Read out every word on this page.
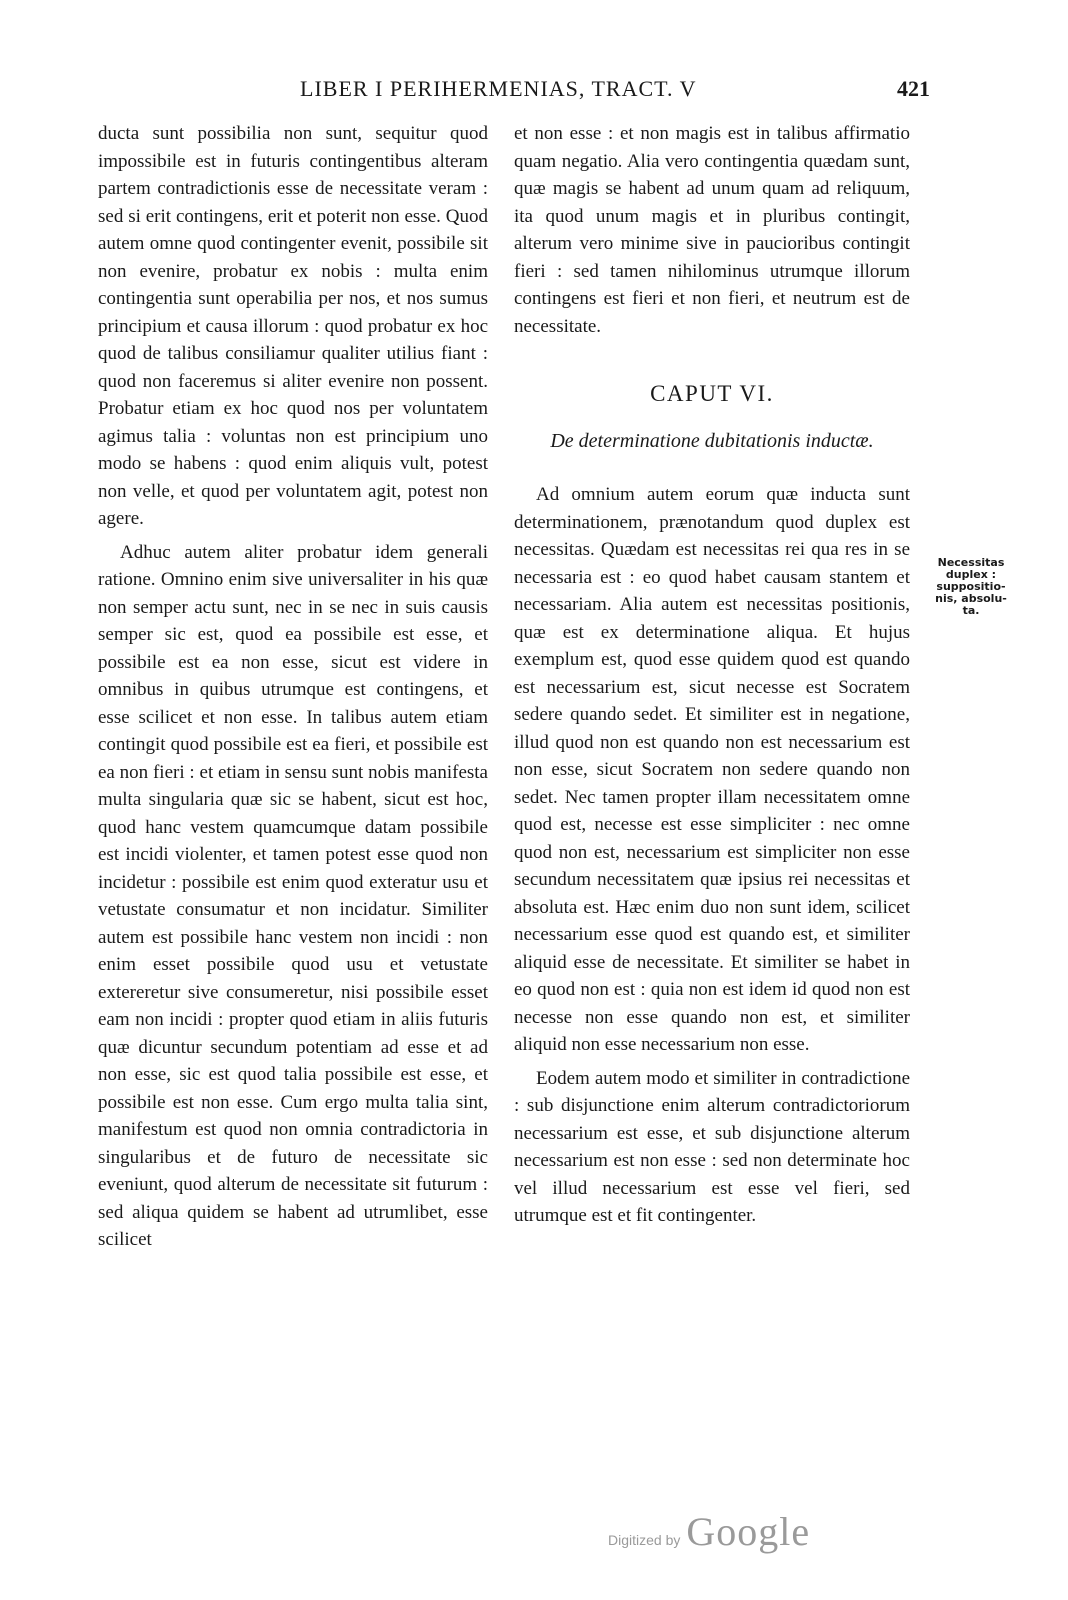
LIBER I PERIHERMENIAS, TRACT. V	421

ducta sunt possibilia non sunt, sequitur quod impossibile est in futuris contingentibus alteram partem contradictionis esse de necessitate veram : sed si erit contingens, erit et poterit non esse. Quod autem omne quod contingenter evenit, possibile sit non evenire, probatur ex nobis : multa enim contingentia sunt operabilia per nos, et nos sumus principium et causa illorum : quod probatur ex hoc quod de talibus consiliamur qualiter utilius fiant : quod non faceremus si aliter evenire non possent. Probatur etiam ex hoc quod nos per voluntatem agimus talia : voluntas non est principium uno modo se habens : quod enim aliquis vult, potest non velle, et quod per voluntatem agit, potest non agere.

Adhuc autem aliter probatur idem generali ratione. Omnino enim sive universaliter in his quæ non semper actu sunt, nec in se nec in suis causis semper sic est, quod ea possibile est esse, et possibile est ea non esse, sicut est videre in omnibus in quibus utrumque est contingens, et esse scilicet et non esse. In talibus autem etiam contingit quod possibile est ea fieri, et possibile est ea non fieri : et etiam in sensu sunt nobis manifesta multa singularia quæ sic se habent, sicut est hoc, quod hanc vestem quamcumque datam possibile est incidi violenter, et tamen potest esse quod non incidetur : possibile est enim quod exteratur usu et vetustate consumatur et non incidatur. Similiter autem est possibile hanc vestem non incidi : non enim esset possibile quod usu et vetustate extereretur sive consumeretur, nisi possibile esset eam non incidi : propter quod etiam in aliis futuris quæ dicuntur secundum potentiam ad esse et ad non esse, sic est quod talia possibile est esse, et possibile est non esse. Cum ergo multa talia sint, manifestum est quod non omnia contradictoria in singularibus et de futuro de necessitate sic eveniunt, quod alterum de necessitate sit futurum : sed aliqua quidem se habent ad utrumlibet, esse scilicet

et non esse : et non magis est in talibus affirmatio quam negatio. Alia vero contingentia quædam sunt, quæ magis se habent ad unum quam ad reliquum, ita quod unum magis et in pluribus contingit, alterum vero minime sive in paucioribus contingit fieri : sed tamen nihilominus utrumque illorum contingens est fieri et non fieri, et neutrum est de necessitate.

CAPUT VI.
De determinatione dubitationis inductæ.

Ad omnium autem eorum quæ inducta sunt determinationem, prænotandum quod duplex est necessitas. Quædam est necessitas rei qua res in se necessaria est : eo quod habet causam stantem et necessariam. Alia autem est necessitas positionis, quæ est ex determinatione aliqua. Et hujus exemplum est, quod esse quidem quod est quando est necessarium est, sicut necesse est Socratem sedere quando sedet. Et similiter est in negatione, illud quod non est quando non est necessarium est non esse, sicut Socratem non sedere quando non sedet. Nec tamen propter illam necessitatem omne quod est, necesse est esse simpliciter : nec omne quod non est, necessarium est simpliciter non esse secundum necessitatem quæ ipsius rei necessitas et absoluta est. Hæc enim duo non sunt idem, scilicet necessarium esse quod est quando est, et similiter aliquid esse de necessitate. Et similiter se habet in eo quod non est : quia non est idem id quod non est necesse non esse quando non est, et similiter aliquid non esse necessarium non esse.

Eodem autem modo et similiter in contradictione : sub disjunctione enim alterum contradictoriorum necessarium est esse, et sub disjunctione alterum necessarium est non esse : sed non determinate hoc vel illud necessarium est esse vel fieri, sed utrumque est et fit contingenter.

Necessitas
duplex :
suppositio-
nis, absolu-
ta.
Digitized by Google
